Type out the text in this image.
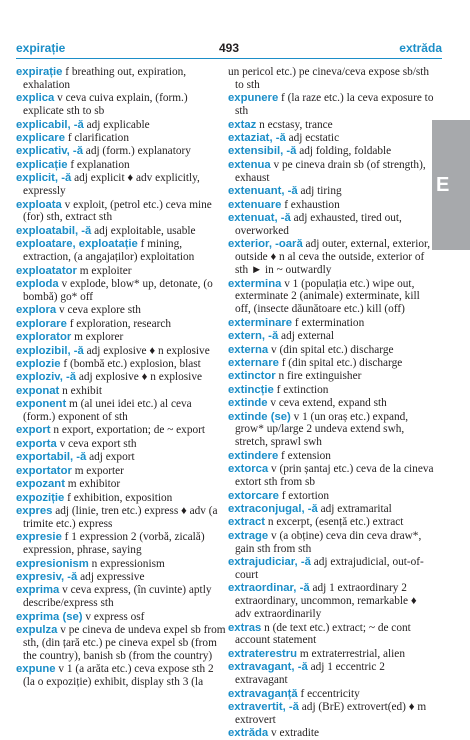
expirație	493	extrăda
E
expirație f breathing out, expiration, exhalation
explica v ceva cuiva explain, (form.) explicate sth to sb
explicabil, -ă adj explicable
explicare f clarification
explicativ, -ă adj (form.) explanatory
explicație f explanation
explicit, -ă adj explicit ♦ adv explicitly, expressly
exploata v exploit, (petrol etc.) ceva mine (for) sth, extract sth
exploatabil, -ă adj exploitable, usable
exploatare, exploatație f mining, extraction, (a angajaților) exploitation
exploatator m exploiter
exploda v explode, blow* up, detonate, (o bombă) go* off
explora v ceva explore sth
explorare f exploration, research
explorator m explorer
explozibil, -ă adj explosive ♦ n explosive
explozie f (bombă etc.) explosion, blast
exploziv, -ă adj explosive ♦ n explosive
exponat n exhibit
exponent m (al unei idei etc.) al ceva (form.) exponent of sth
export n export, exportation; de ~ export
exporta v ceva export sth
exportabil, -ă adj export
exportator m exporter
expozant m exhibitor
expoziție f exhibition, exposition
expres adj (linie, tren etc.) express ♦ adv (a trimite etc.) express
expresie f 1 expression 2 (vorbă, zicală) expression, phrase, saying
expresionism n expressionism
expresiv, -ă adj expressive
exprima v ceva express, (în cuvinte) aptly describe/express sth
exprima (se) v express osf
expulza v pe cineva de undeva expel sb from sth, (din țară etc.) pe cineva expel sb (from the country), banish sb (from the country)
expune v 1 (a arăta etc.) ceva expose sth 2 (la o expoziție) exhibit, display sth 3 (la
un pericol etc.) pe cineva/ceva expose sb/sth to sth
expunere f (la raze etc.) la ceva exposure to sth
extaz n ecstasy, trance
extaziat, -ă adj ecstatic
extensibil, -ă adj folding, foldable
extenua v pe cineva drain sb (of strength), exhaust
extenuant, -ă adj tiring
extenuare f exhaustion
extenuat, -ă adj exhausted, tired out, overworked
exterior, -oară adj outer, external, exterior, outside ♦ n al ceva the outside, exterior of sth ► in ~ outwardly
extermina v 1 (populația etc.) wipe out, exterminate 2 (animale) exterminate, kill off, (insecte dăunătoare etc.) kill (off)
exterminare f extermination
extern, -ă adj external
externa v (din spital etc.) discharge
externare f (din spital etc.) discharge
extinctor n fire extinguisher
extincție f extinction
extinde v ceva extend, expand sth
extinde (se) v 1 (un oraș etc.) expand, grow* up/large 2 undeva extend swh, stretch, sprawl swh
extindere f extension
extorca v (prin șantaj etc.) ceva de la cineva extort sth from sb
extorcare f extortion
extraconjugal, -ă adj extramarital
extract n excerpt, (esență etc.) extract
extrage v (a obține) ceva din ceva draw*, gain sth from sth
extrajudiciar, -ă adj extrajudicial, out-of-court
extraordinar, -ă adj 1 extraordinary 2 extraordinary, uncommon, remarkable ♦ adv extraordinarily
extras n (de text etc.) extract; ~ de cont account statement
extraterestru m extraterrestrial, alien
extravagant, -ă adj 1 eccentric 2 extravagant
extravaganță f eccentricity
extravertit, -ă adj (BrE) extrovert(ed) ♦ m extrovert
extrăda v extradite
